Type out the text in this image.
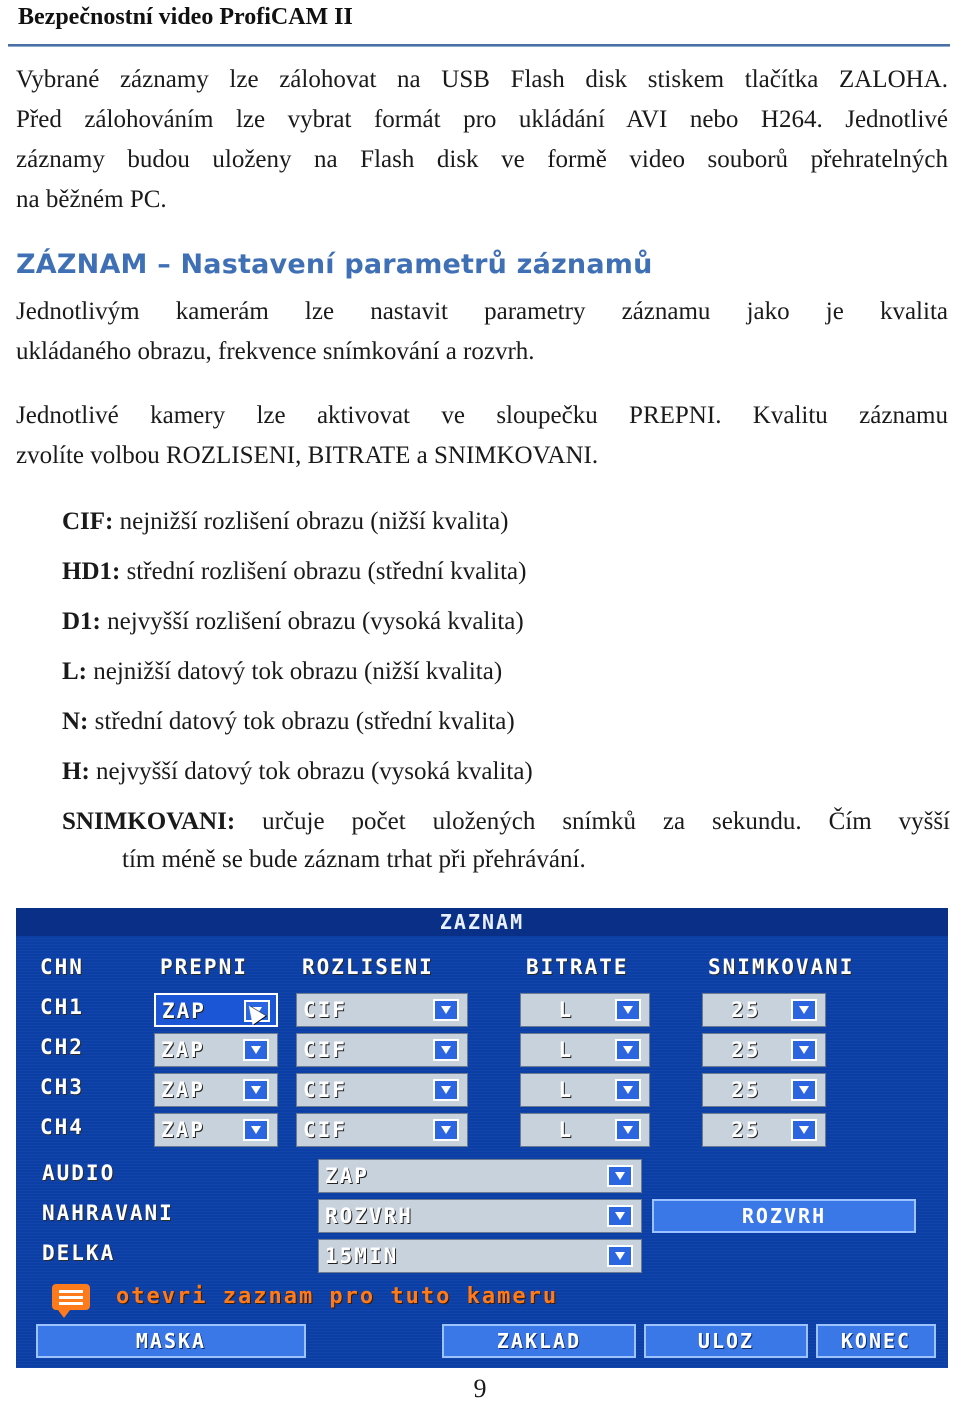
Bezpečnostní video ProfiCAM II
Vybrané záznamy lze zálohovat na USB Flash disk stiskem tlačítka ZALOHA.
Před zálohováním lze vybrat formát pro ukládání AVI nebo H264. Jednotlivé
záznamy budou uloženy na Flash disk ve formě video souborů přehratelných
na běžném PC.
ZÁZNAM – Nastavení parametrů záznamů
Jednotlivým kamerám lze nastavit parametry záznamu jako je kvalita
ukládaného obrazu, frekvence snímkování a rozvrh.
Jednotlivé kamery lze aktivovat ve sloupečku PREPNI. Kvalitu záznamu
zvolíte volbou ROZLISENI, BITRATE a SNIMKOVANI.
CIF: nejnižší rozlišení obrazu (nižší kvalita)
HD1: střední rozlišení obrazu (střední kvalita)
D1: nejvyšší rozlišení obrazu (vysoká kvalita)
L: nejnižší datový tok obrazu (nižší kvalita)
N: střední datový tok obrazu (střední kvalita)
H: nejvyšší datový tok obrazu (vysoká kvalita)
SNIMKOVANI: určuje počet uložených snímků za sekundu. Čím vyšší
tím méně se bude záznam trhat při přehrávání.
ZAZNAM
CHN	PREPNI	ROZLISENI	BITRATE	SNIMKOVANI
CH1	ZAP	CIF	L	25
CH2	ZAP	CIF	L	25
CH3	ZAP	CIF	L	25
CH4	ZAP	CIF	L	25
AUDIO	ZAP
NAHRAVANI	ROZVRH	ROZVRH
DELKA	15MIN
otevri zaznam pro tuto kameru
MASKA	ZAKLAD	ULOZ	KONEC
9
